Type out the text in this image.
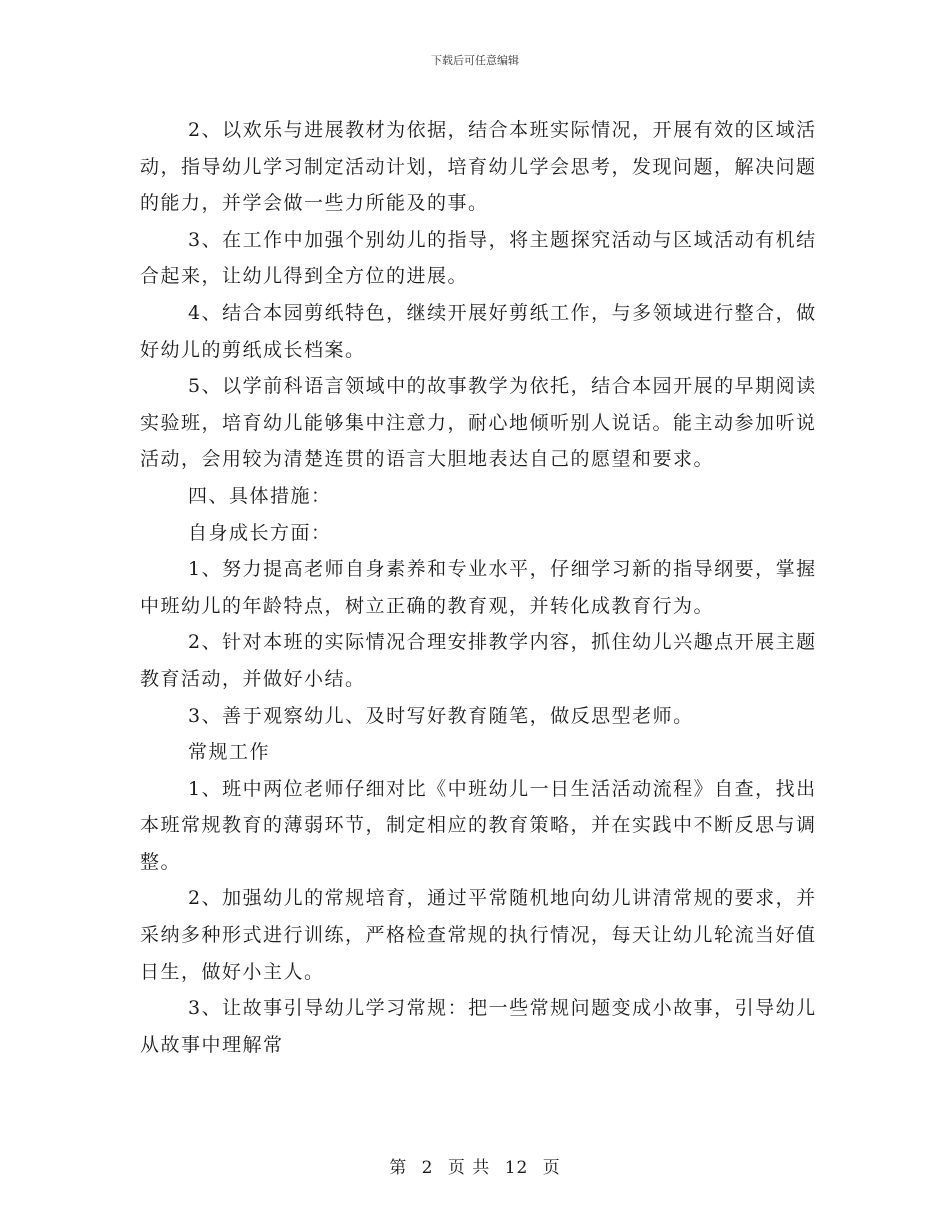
下载后可任意编辑

2、以欢乐与进展教材为依据，结合本班实际情况，开展有效的区域活动，指导幼儿学习制定活动计划，培育幼儿学会思考，发现问题，解决问题的能力，并学会做一些力所能及的事。

3、在工作中加强个别幼儿的指导，将主题探究活动与区域活动有机结合起来，让幼儿得到全方位的进展。

4、结合本园剪纸特色，继续开展好剪纸工作，与多领域进行整合，做好幼儿的剪纸成长档案。

5、以学前科语言领域中的故事教学为依托，结合本园开展的早期阅读实验班，培育幼儿能够集中注意力，耐心地倾听别人说话。能主动参加听说活动，会用较为清楚连贯的语言大胆地表达自己的愿望和要求。

四、具体措施：

自身成长方面：

1、努力提高老师自身素养和专业水平，仔细学习新的指导纲要，掌握中班幼儿的年龄特点，树立正确的教育观，并转化成教育行为。

2、针对本班的实际情况合理安排教学内容，抓住幼儿兴趣点开展主题教育活动，并做好小结。

3、善于观察幼儿、及时写好教育随笔，做反思型老师。

常规工作

1、班中两位老师仔细对比《中班幼儿一日生活活动流程》自查，找出本班常规教育的薄弱环节，制定相应的教育策略，并在实践中不断反思与调整。

2、加强幼儿的常规培育，通过平常随机地向幼儿讲清常规的要求，并采纳多种形式进行训练，严格检查常规的执行情况，每天让幼儿轮流当好值日生，做好小主人。

3、让故事引导幼儿学习常规：把一些常规问题变成小故事，引导幼儿从故事中理解常

第 2 页 共 12 页
